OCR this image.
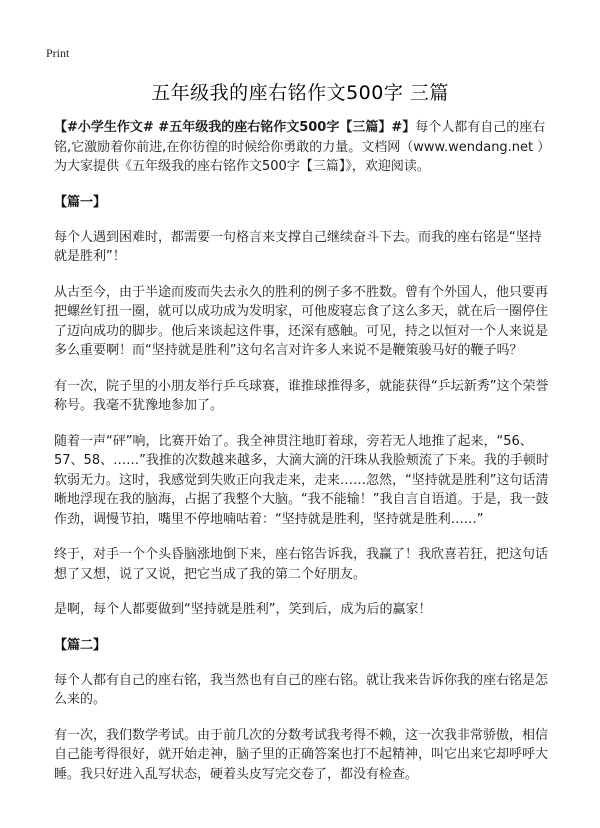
Print
五年级我的座右铭作文500字 三篇

【#小学生作文# #五年级我的座右铭作文500字【三篇】#】每个人都有自己的座右铭,它激励着你前进,在你彷徨的时候给你勇敢的力量。文档网（www.wendang.net ）为大家提供《五年级我的座右铭作文500字【三篇】》，欢迎阅读。

【篇一】

每个人遇到困难时，都需要一句格言来支撑自己继续奋斗下去。而我的座右铭是“坚持就是胜利”！

从古至今，由于半途而废而失去永久的胜利的例子多不胜数。曾有个外国人，他只要再把螺丝钉扭一圈，就可以成功成为发明家，可他废寝忘食了这么多天，就在后一圈停住了迈向成功的脚步。他后来谈起这件事，还深有感触。可见，持之以恒对一个人来说是多么重要啊！而“坚持就是胜利”这句名言对许多人来说不是鞭策骏马好的鞭子吗？

有一次，院子里的小朋友举行乒乓球赛，谁推球推得多，就能获得“乒坛新秀”这个荣誉称号。我毫不犹豫地参加了。

随着一声“砰”响，比赛开始了。我全神贯注地盯着球，旁若无人地推了起来，“56、57、58、……”我推的次数越来越多，大滴大滴的汗珠从我脸颊流了下来。我的手顿时软弱无力。这时，我感觉到失败正向我走来，走来……忽然，“坚持就是胜利”这句话清晰地浮现在我的脑海，占据了我整个大脑。“我不能输！”我自言自语道。于是，我一鼓作劲，调慢节拍，嘴里不停地喃咕着：“坚持就是胜利，坚持就是胜利……”

终于，对手一个个头昏脑涨地倒下来，座右铭告诉我，我赢了！我欣喜若狂，把这句话想了又想，说了又说，把它当成了我的第二个好朋友。

是啊，每个人都要做到“坚持就是胜利”，笑到后，成为后的赢家！

【篇二】

每个人都有自己的座右铭，我当然也有自己的座右铭。就让我来告诉你我的座右铭是怎么来的。

有一次，我们数学考试。由于前几次的分数考试我考得不赖，这一次我非常骄傲，相信自己能考得很好，就开始走神，脑子里的正确答案也打不起精神，叫它出来它却呼呼大睡。我只好进入乱写状态，硬着头皮写完交卷了，都没有检查。
